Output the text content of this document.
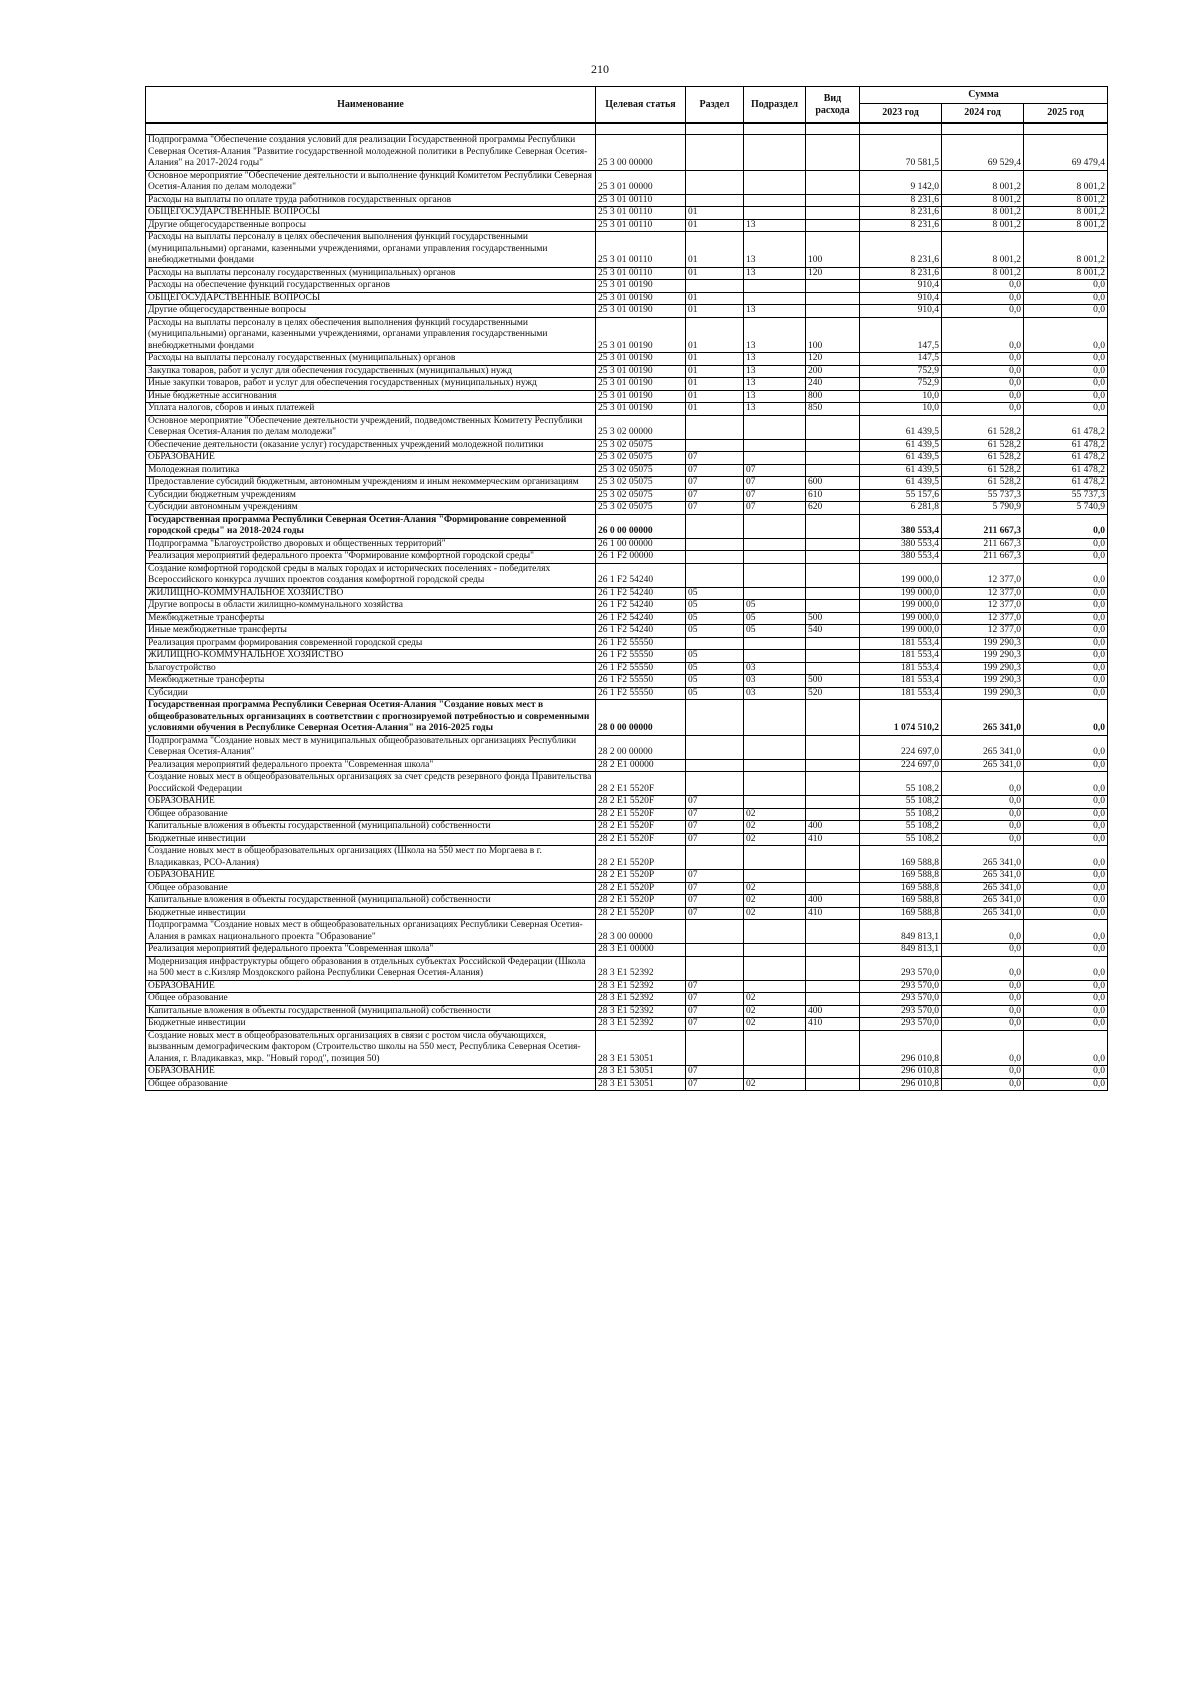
210
Наименование	Целевая статья	Раздел	Подраздел	Вид расхода	Сумма		
					2023 год	2024 год	2025 год

Подпрограмма "Обеспечение создания условий для реализации Государственной программы Республики Северная Осетия-Алания "Развитие государственной молодежной политики в Республике Северная Осетия-Алания" на 2017-2024 годы"	25 3 00 00000				70 581,5	69 529,4	69 479,4
Основное мероприятие "Обеспечение деятельности и выполнение функций Комитетом Республики Северная Осетия-Алания по делам молодежи"	25 3 01 00000				9 142,0	8 001,2	8 001,2
Расходы на выплаты по оплате труда работников государственных органов	25 3 01 00110				8 231,6	8 001,2	8 001,2
ОБЩЕГОСУДАРСТВЕННЫЕ ВОПРОСЫ	25 3 01 00110	01			8 231,6	8 001,2	8 001,2
Другие общегосударственные вопросы	25 3 01 00110	01	13		8 231,6	8 001,2	8 001,2
Расходы на выплаты персоналу в целях обеспечения выполнения функций государственными (муниципальными) органами, казенными учреждениями, органами управления государственными внебюджетными фондами	25 3 01 00110	01	13	100	8 231,6	8 001,2	8 001,2
Расходы на выплаты персоналу государственных (муниципальных) органов	25 3 01 00110	01	13	120	8 231,6	8 001,2	8 001,2
Расходы на обеспечение функций государственных органов	25 3 01 00190				910,4	0,0	0,0
ОБЩЕГОСУДАРСТВЕННЫЕ ВОПРОСЫ	25 3 01 00190	01			910,4	0,0	0,0
Другие общегосударственные вопросы	25 3 01 00190	01	13		910,4	0,0	0,0
Расходы на выплаты персоналу в целях обеспечения выполнения функций государственными (муниципальными) органами, казенными учреждениями, органами управления государственными внебюджетными фондами	25 3 01 00190	01	13	100	147,5	0,0	0,0
Расходы на выплаты персоналу государственных (муниципальных) органов	25 3 01 00190	01	13	120	147,5	0,0	0,0
Закупка товаров, работ и услуг для обеспечения государственных (муниципальных) нужд	25 3 01 00190	01	13	200	752,9	0,0	0,0
Иные закупки товаров, работ и услуг для обеспечения государственных (муниципальных) нужд	25 3 01 00190	01	13	240	752,9	0,0	0,0
Иные бюджетные ассигнования	25 3 01 00190	01	13	800	10,0	0,0	0,0
Уплата налогов, сборов и иных платежей	25 3 01 00190	01	13	850	10,0	0,0	0,0
Основное мероприятие "Обеспечение деятельности учреждений, подведомственных Комитету Республики Северная Осетия-Алания по делам молодежи"	25 3 02 00000				61 439,5	61 528,2	61 478,2
Обеспечение деятельности (оказание услуг) государственных учреждений молодежной политики	25 3 02 05075				61 439,5	61 528,2	61 478,2
ОБРАЗОВАНИЕ	25 3 02 05075	07			61 439,5	61 528,2	61 478,2
Молодежная политика	25 3 02 05075	07	07		61 439,5	61 528,2	61 478,2
Предоставление субсидий бюджетным, автономным учреждениям и иным некоммерческим организациям	25 3 02 05075	07	07	600	61 439,5	61 528,2	61 478,2
Субсидии бюджетным учреждениям	25 3 02 05075	07	07	610	55 157,6	55 737,3	55 737,3
Субсидии автономным учреждениям	25 3 02 05075	07	07	620	6 281,8	5 790,9	5 740,9
Государственная программа Республики Северная Осетия-Алания "Формирование современной городской среды" на 2018-2024 годы	26 0 00 00000				380 553,4	211 667,3	0,0
Подпрограмма "Благоустройство дворовых и общественных территорий"	26 1 00 00000				380 553,4	211 667,3	0,0
Реализация мероприятий федерального проекта "Формирование комфортной городской среды"	26 1 F2 00000				380 553,4	211 667,3	0,0
Создание комфортной городской среды в малых городах и исторических поселениях - победителях Всероссийского конкурса лучших проектов создания комфортной городской среды	26 1 F2 54240				199 000,0	12 377,0	0,0
ЖИЛИЩНО-КОММУНАЛЬНОЕ ХОЗЯЙСТВО	26 1 F2 54240	05			199 000,0	12 377,0	0,0
Другие вопросы в области жилищно-коммунального хозяйства	26 1 F2 54240	05	05		199 000,0	12 377,0	0,0
Межбюджетные трансферты	26 1 F2 54240	05	05	500	199 000,0	12 377,0	0,0
Иные межбюджетные трансферты	26 1 F2 54240	05	05	540	199 000,0	12 377,0	0,0
Реализация программ формирования современной городской среды	26 1 F2 55550				181 553,4	199 290,3	0,0
ЖИЛИЩНО-КОММУНАЛЬНОЕ ХОЗЯЙСТВО	26 1 F2 55550	05			181 553,4	199 290,3	0,0
Благоустройство	26 1 F2 55550	05	03		181 553,4	199 290,3	0,0
Межбюджетные трансферты	26 1 F2 55550	05	03	500	181 553,4	199 290,3	0,0
Субсидии	26 1 F2 55550	05	03	520	181 553,4	199 290,3	0,0
Государственная программа Республики Северная Осетия-Алания "Создание новых мест в общеобразовательных организациях в соответствии с прогнозируемой потребностью и современными условиями обучения в Республике Северная Осетия-Алания" на 2016-2025 годы	28 0 00 00000				1 074 510,2	265 341,0	0,0
Подпрограмма "Создание новых мест в муниципальных общеобразовательных организациях Республики Северная Осетия-Алания"	28 2 00 00000				224 697,0	265 341,0	0,0
Реализация мероприятий федерального проекта "Современная школа"	28 2 E1 00000				224 697,0	265 341,0	0,0
Создание новых мест в общеобразовательных организациях за счет средств резервного фонда Правительства Российской Федерации	28 2 E1 5520F				55 108,2	0,0	0,0
ОБРАЗОВАНИЕ	28 2 E1 5520F	07			55 108,2	0,0	0,0
Общее образование	28 2 E1 5520F	07	02		55 108,2	0,0	0,0
Капитальные вложения в объекты государственной (муниципальной) собственности	28 2 E1 5520F	07	02	400	55 108,2	0,0	0,0
Бюджетные инвестиции	28 2 E1 5520F	07	02	410	55 108,2	0,0	0,0
Создание новых мест в общеобразовательных организациях (Школа на 550 мест по Моргаева в г. Владикавказ, РСО-Алания)	28 2 E1 5520P				169 588,8	265 341,0	0,0
ОБРАЗОВАНИЕ	28 2 E1 5520P	07			169 588,8	265 341,0	0,0
Общее образование	28 2 E1 5520P	07	02		169 588,8	265 341,0	0,0
Капитальные вложения в объекты государственной (муниципальной) собственности	28 2 E1 5520P	07	02	400	169 588,8	265 341,0	0,0
Бюджетные инвестиции	28 2 E1 5520P	07	02	410	169 588,8	265 341,0	0,0
Подпрограмма "Создание новых мест в общеобразовательных организациях Республики Северная Осетия-Алания в рамках национального проекта "Образование"	28 3 00 00000				849 813,1	0,0	0,0
Реализация мероприятий федерального проекта "Современная школа"	28 3 E1 00000				849 813,1	0,0	0,0
Модернизация инфраструктуры общего образования в отдельных субъектах Российской Федерации (Школа на 500 мест в с.Кизляр Моздокского района Республики Северная Осетия-Алания)	28 3 E1 52392				293 570,0	0,0	0,0
ОБРАЗОВАНИЕ	28 3 E1 52392	07			293 570,0	0,0	0,0
Общее образование	28 3 E1 52392	07	02		293 570,0	0,0	0,0
Капитальные вложения в объекты государственной (муниципальной) собственности	28 3 E1 52392	07	02	400	293 570,0	0,0	0,0
Бюджетные инвестиции	28 3 E1 52392	07	02	410	293 570,0	0,0	0,0
Создание новых мест в общеобразовательных организациях в связи с ростом числа обучающихся, вызванным демографическим фактором (Строительство школы на 550 мест, Республика Северная Осетия-Алания, г. Владикавказ, мкр. "Новый город", позиция 50)	28 3 E1 53051				296 010,8	0,0	0,0
ОБРАЗОВАНИЕ	28 3 E1 53051	07			296 010,8	0,0	0,0
Общее образование	28 3 E1 53051	07	02		296 010,8	0,0	0,0
